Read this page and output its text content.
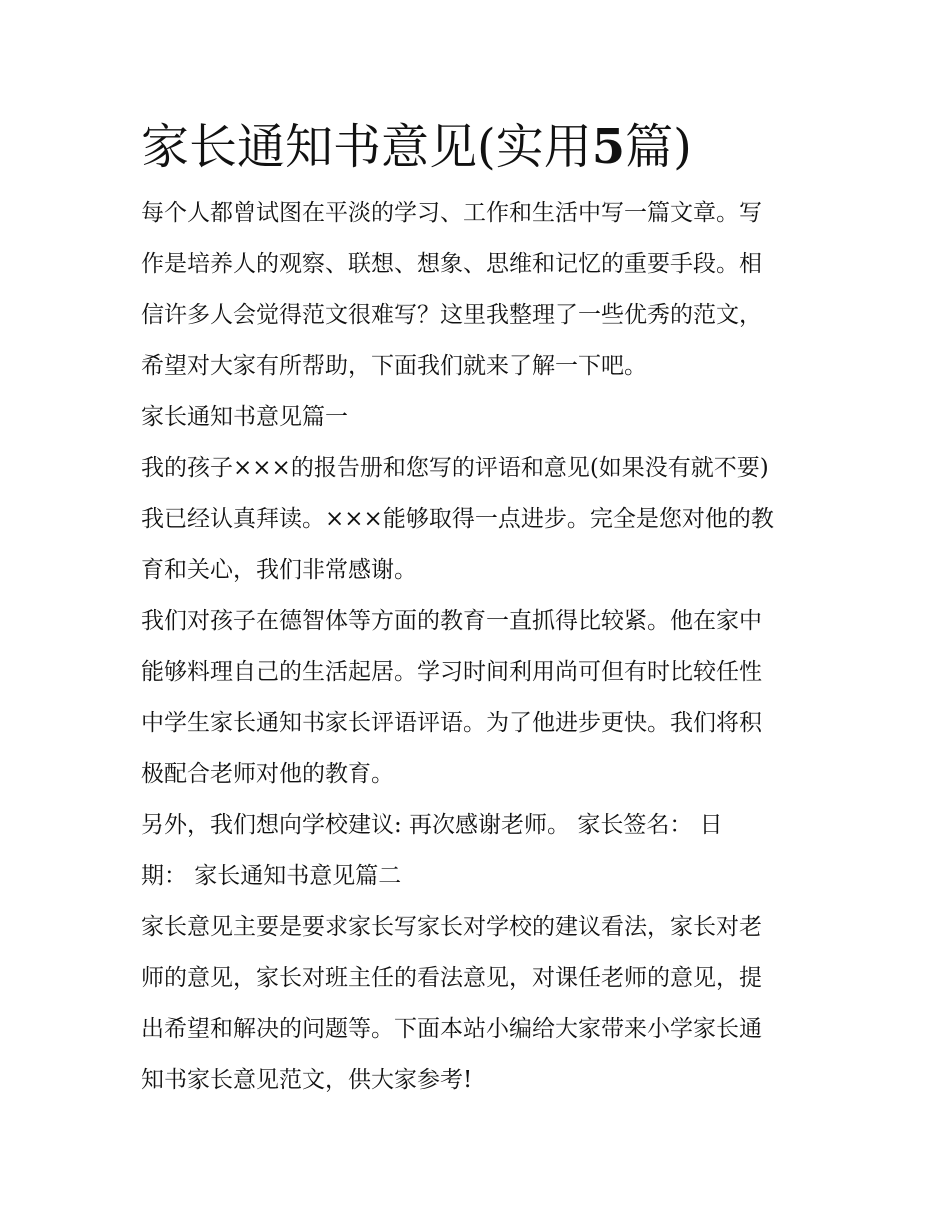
家长通知书意见(实用5篇)

每个人都曾试图在平淡的学习、工作和生活中写一篇文章。写
作是培养人的观察、联想、想象、思维和记忆的重要手段。相
信许多人会觉得范文很难写？这里我整理了一些优秀的范文，
希望对大家有所帮助，下面我们就来了解一下吧。

家长通知书意见篇一

我的孩子×××的报告册和您写的评语和意见(如果没有就不要)
我已经认真拜读。×××能够取得一点进步。完全是您对他的教
育和关心，我们非常感谢。

我们对孩子在德智体等方面的教育一直抓得比较紧。他在家中
能够料理自己的生活起居。学习时间利用尚可但有时比较任性
中学生家长通知书家长评语评语。为了他进步更快。我们将积
极配合老师对他的教育。

另外，我们想向学校建议: 再次感谢老师。 家长签名： 日
期： 家长通知书意见篇二

家长意见主要是要求家长写家长对学校的建议看法，家长对老
师的意见，家长对班主任的看法意见，对课任老师的意见，提
出希望和解决的问题等。下面本站小编给大家带来小学家长通
知书家长意见范文，供大家参考!
